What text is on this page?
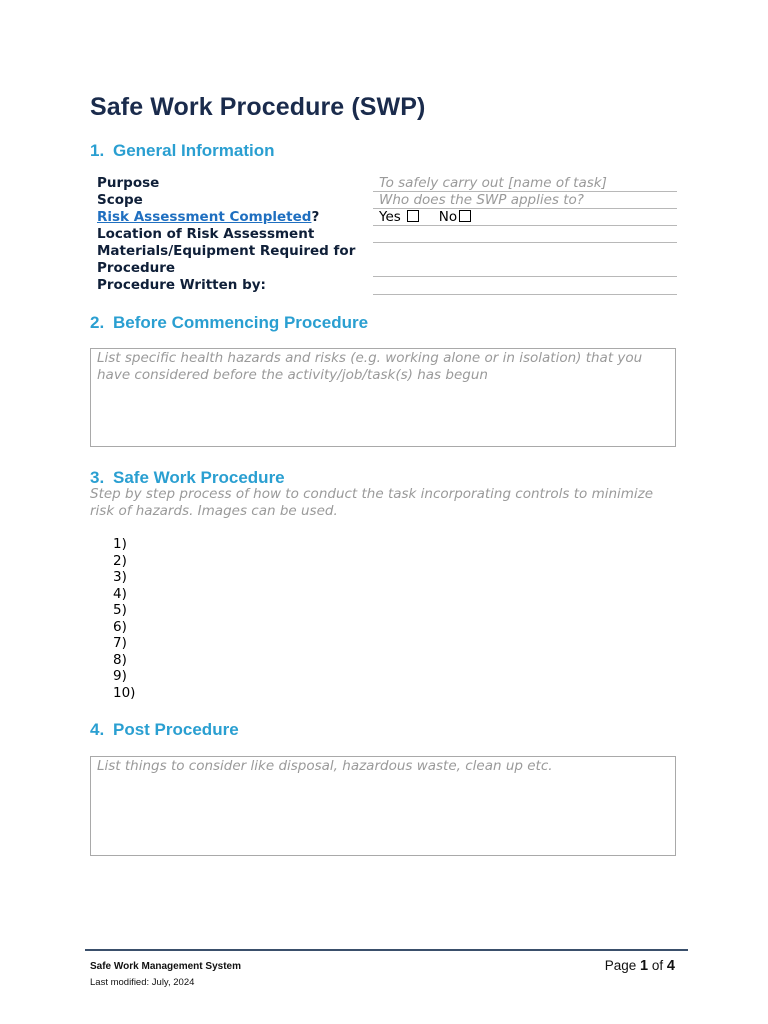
Safe Work Procedure (SWP)
1. General Information
Purpose	To safely carry out [name of task]
Scope	Who does the SWP applies to?
Risk Assessment Completed?	Yes	No
Location of Risk Assessment
Materials/Equipment Required for
Procedure
Procedure Written by:
2. Before Commencing Procedure
List specific health hazards and risks (e.g. working alone or in isolation) that you have considered before the activity/job/task(s) has begun
3. Safe Work Procedure
Step by step process of how to conduct the task incorporating controls to minimize risk of hazards. Images can be used.
1)
2)
3)
4)
5)
6)
7)
8)
9)
10)
4. Post Procedure
List things to consider like disposal, hazardous waste, clean up etc.
Safe Work Management System
Last modified: July, 2024
Page 1 of 4
